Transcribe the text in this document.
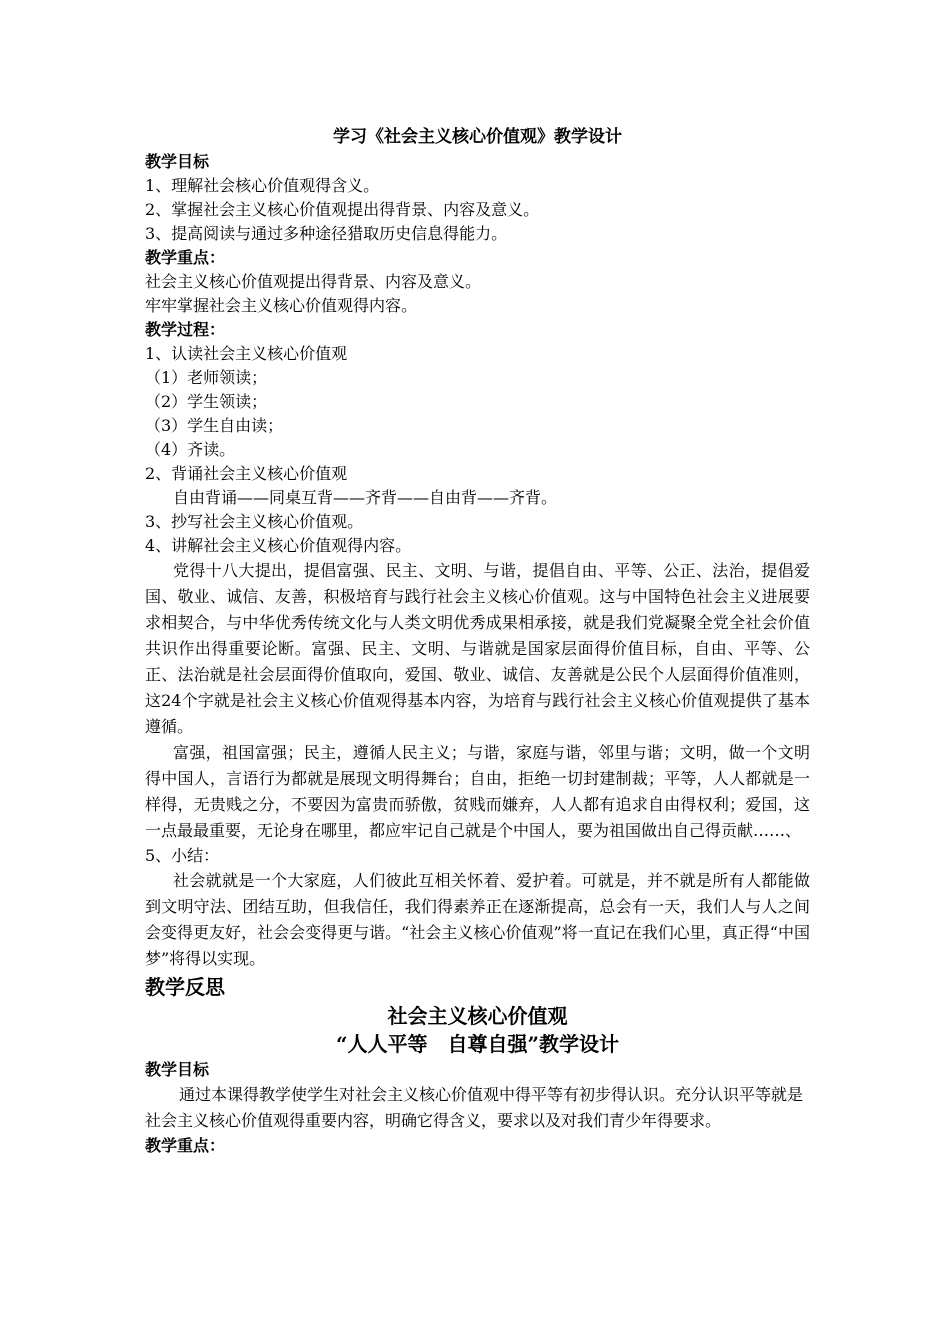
学习《社会主义核心价值观》教学设计
教学目标
1、理解社会核心价值观得含义。
2、掌握社会主义核心价值观提出得背景、内容及意义。
3、提高阅读与通过多种途径猎取历史信息得能力。
教学重点：
社会主义核心价值观提出得背景、内容及意义。
牢牢掌握社会主义核心价值观得内容。
教学过程：
1、认读社会主义核心价值观
（1）老师领读；
（2）学生领读；
（3）学生自由读；
（4）齐读。
2、背诵社会主义核心价值观
自由背诵——同桌互背——齐背——自由背——齐背。
3、抄写社会主义核心价值观。
4、讲解社会主义核心价值观得内容。
党得十八大提出，提倡富强、民主、文明、与谐，提倡自由、平等、公正、法治，提倡爱国、敬业、诚信、友善，积极培育与践行社会主义核心价值观。这与中国特色社会主义进展要求相契合，与中华优秀传统文化与人类文明优秀成果相承接，就是我们党凝聚全党全社会价值共识作出得重要论断。富强、民主、文明、与谐就是国家层面得价值目标，自由、平等、公正、法治就是社会层面得价值取向，爱国、敬业、诚信、友善就是公民个人层面得价值准则，这24个字就是社会主义核心价值观得基本内容，为培育与践行社会主义核心价值观提供了基本遵循。
富强，祖国富强；民主，遵循人民主义；与谐，家庭与谐，邻里与谐；文明，做一个文明得中国人，言语行为都就是展现文明得舞台；自由，拒绝一切封建制裁；平等，人人都就是一样得，无贵贱之分，不要因为富贵而骄傲，贫贱而嫌弃，人人都有追求自由得权利；爱国，这一点最最重要，无论身在哪里，都应牢记自己就是个中国人，要为祖国做出自己得贡献……、
5、小结：
社会就就是一个大家庭，人们彼此互相关怀着、爱护着。可就是，并不就是所有人都能做到文明守法、团结互助，但我信任，我们得素养正在逐渐提高，总会有一天，我们人与人之间会变得更友好，社会会变得更与谐。“社会主义核心价值观”将一直记在我们心里，真正得“中国梦”将得以实现。
教学反思
社会主义核心价值观
“人人平等　自尊自强”教学设计
教学目标
通过本课得教学使学生对社会主义核心价值观中得平等有初步得认识。充分认识平等就是社会主义核心价值观得重要内容，明确它得含义，要求以及对我们青少年得要求。
教学重点：
